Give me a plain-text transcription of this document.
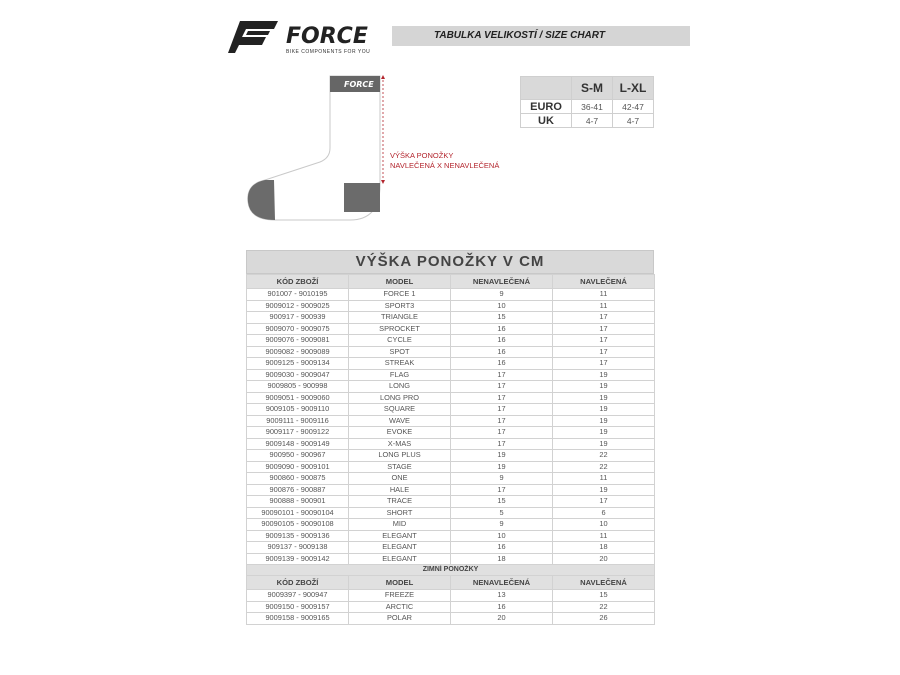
FORCE
BIKE COMPONENTS FOR YOU
TABULKA VELIKOSTÍ / SIZE CHART
FORCE
VÝŠKA PONOŽKY
NAVLEČENÁ X NENAVLEČENÁ
	S-M	L-XL
EURO	36-41	42-47
UK	4-7	4-7
VÝŠKA PONOŽKY V CM
KÓD ZBOŽÍ	MODEL	NENAVLEČENÁ	NAVLEČENÁ
901007 - 9010195	FORCE 1	9	11
9009012 - 9009025	SPORT3	10	11
900917 - 900939	TRIANGLE	15	17
9009070 - 9009075	SPROCKET	16	17
9009076 - 9009081	CYCLE	16	17
9009082 - 9009089	SPOT	16	17
9009125 - 9009134	STREAK	16	17
9009030 - 9009047	FLAG	17	19
9009805 - 900998	LONG	17	19
9009051 - 9009060	LONG PRO	17	19
9009105 - 9009110	SQUARE	17	19
9009111 - 9009116	WAVE	17	19
9009117 - 9009122	EVOKE	17	19
9009148 - 9009149	X-MAS	17	19
900950 - 900967	LONG PLUS	19	22
9009090 - 9009101	STAGE	19	22
900860 - 900875	ONE	9	11
900876 - 900887	HALE	17	19
900888 - 900901	TRACE	15	17
90090101 - 90090104	SHORT	5	6
90090105 - 90090108	MID	9	10
9009135 - 9009136	ELEGANT	10	11
909137 - 9009138	ELEGANT	16	18
9009139 - 9009142	ELEGANT	18	20
ZIMNÍ PONOŽKY			
KÓD ZBOŽÍ	MODEL	NENAVLEČENÁ	NAVLEČENÁ
9009397 - 900947	FREEZE	13	15
9009150 - 9009157	ARCTIC	16	22
9009158 - 9009165	POLAR	20	26
